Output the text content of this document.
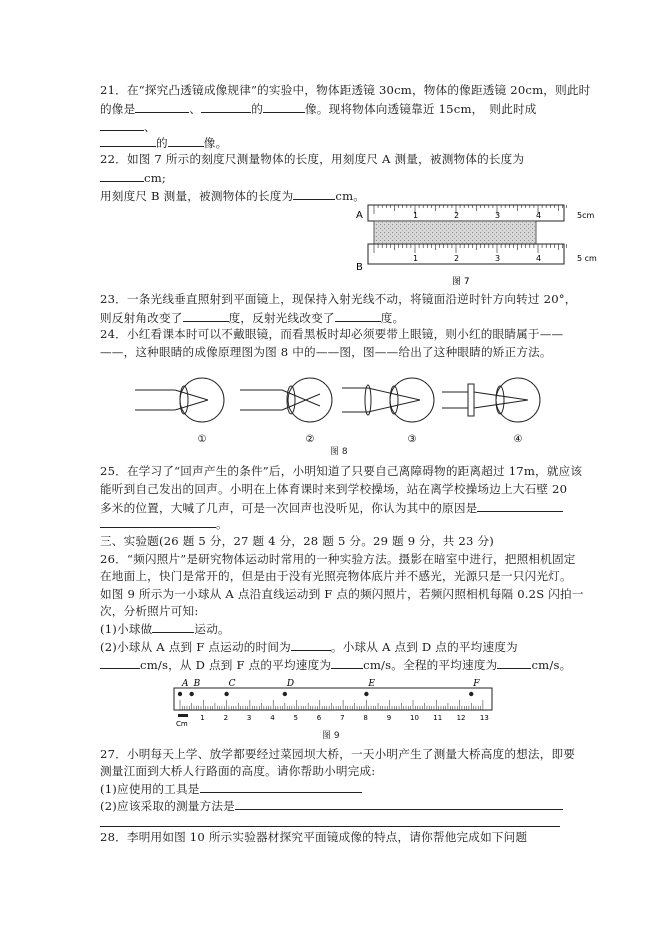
21．在“探究凸透镜成像规律”的实验中，物体距透镜 30cm，物体的像距透镜 20cm，则此时
的像是	、	的	像。现将物体向透镜靠近 15cm，　则此时成
、
的	像。
22．如图 7 所示的刻度尺测量物体的长度，用刻度尺 A 测量，被测物体的长度为
cm;
用刻度尺 B 测量，被测物体的长度为	cm。
A
B
图 7
1	2	3	4	5cm
1	2	3	4	5 cm
23．一条光线垂直照射到平面镜上，现保持入射光线不动，将镜面沿逆时针方向转过 20°，
则反射角改变了	度，反射光线改变了	度。
24．小红看课本时可以不戴眼镜，而看黑板时却必须要带上眼镜，则小红的眼睛属于——
——，这种眼睛的成像原理图为图 8 中的——图，图——给出了这种眼睛的矫正方法。
①	②	③	④
图 8
25．在学习了“回声产生的条件”后，小明知道了只要自己离障碍物的距离超过 17m，就应该
能听到自己发出的回声。小明在上体育课时来到学校操场，站在离学校操场边上大石壁 20
多米的位置，大喊了几声，可是一次回声也没听见，你认为其中的原因是
。
三、实验题(26 题 5 分，27 题 4 分，28 题 5 分。29 题 9 分，共 23 分)
26．“频闪照片”是研究物体运动时常用的一种实验方法。摄影在暗室中进行，把照相机固定
在地面上，快门是常开的，但是由于没有光照亮物体底片并不感光，光源只是一只闪光灯。
如图 9 所示为一小球从 A 点沿直线运动到 F 点的频闪照片，若频闪照相机每隔 0.2S 闪拍一
次，分析照片可知:
(1)小球做	运动。
(2)小球从 A 点到 F 点运动的时间为	。小球从 A 点到 D 点的平均速度为
cm/s，从 D 点到 F 点的平均速度为	cm/s。全程的平均速度为	cm/s。
A B	C	D	E	F
Cm
1	2	3	4	5	6	7	8	9	10 11 12 13
图 9
27．小明每天上学、放学都要经过菜园坝大桥，一天小明产生了测量大桥高度的想法，即要
测量江面到大桥人行路面的高度。请你帮助小明完成:
(1)应使用的工具是
(2)应该采取的测量方法是
28．李明用如图 10 所示实验器材探究平面镜成像的特点，请你帮他完成如下问题
